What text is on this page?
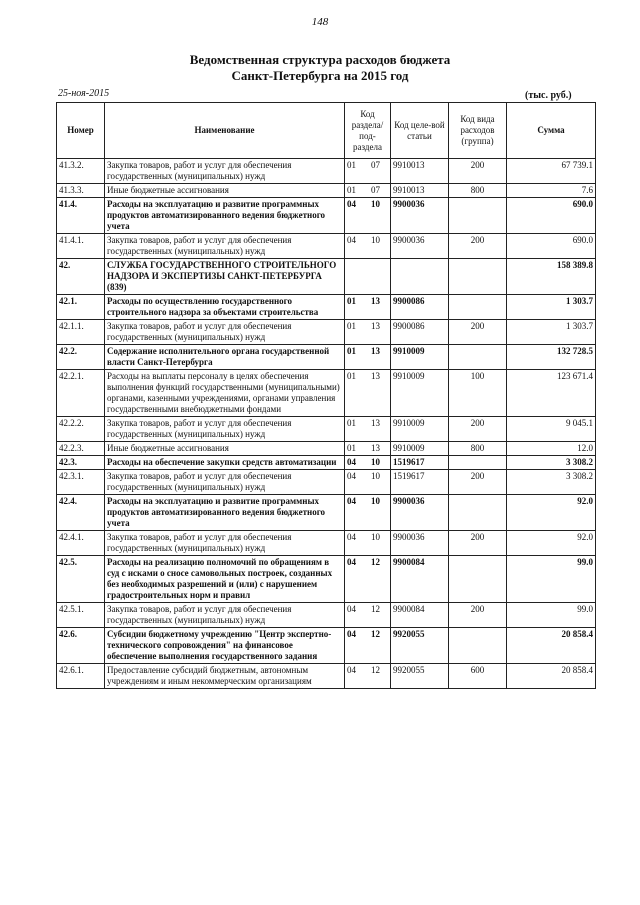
148
Ведомственная структура расходов бюджета
Санкт-Петербурга на 2015 год
25-ноя-2015	(тыс. руб.)
Номер	Наименование	Код раздела/ под-раздела	Код целе-вой статьи	Код вида расходов (группа)	Сумма
41.3.2.	Закупка товаров, работ и услуг для обеспечения государственных (муниципальных) нужд	01 07	9910013	200	67 739.1
41.3.3.	Иные бюджетные ассигнования	01 07	9910013	800	7.6
41.4.	Расходы на эксплуатацию и развитие программных продуктов автоматизированного ведения бюджетного учета	04 10	9900036		690.0
41.4.1.	Закупка товаров, работ и услуг для обеспечения государственных (муниципальных) нужд	04 10	9900036	200	690.0
42.	СЛУЖБА ГОСУДАРСТВЕННОГО СТРОИТЕЛЬНОГО НАДЗОРА И ЭКСПЕРТИЗЫ САНКТ-ПЕТЕРБУРГА (839)				158 389.8
42.1.	Расходы по осуществлению государственного строительного надзора за объектами строительства	01 13	9900086		1 303.7
42.1.1.	Закупка товаров, работ и услуг для обеспечения государственных (муниципальных) нужд	01 13	9900086	200	1 303.7
42.2.	Содержание исполнительного органа государственной власти Санкт-Петербурга	01 13	9910009		132 728.5
42.2.1.	Расходы на выплаты персоналу в целях обеспечения выполнения функций государственными (муниципальными) органами, казенными учреждениями, органами управления государственными внебюджетными фондами	01 13	9910009	100	123 671.4
42.2.2.	Закупка товаров, работ и услуг для обеспечения государственных (муниципальных) нужд	01 13	9910009	200	9 045.1
42.2.3.	Иные бюджетные ассигнования	01 13	9910009	800	12.0
42.3.	Расходы на обеспечение закупки средств автоматизации	04 10	1519617		3 308.2
42.3.1.	Закупка товаров, работ и услуг для обеспечения государственных (муниципальных) нужд	04 10	1519617	200	3 308.2
42.4.	Расходы на эксплуатацию и развитие программных продуктов автоматизированного ведения бюджетного учета	04 10	9900036		92.0
42.4.1.	Закупка товаров, работ и услуг для обеспечения государственных (муниципальных) нужд	04 10	9900036	200	92.0
42.5.	Расходы на реализацию полномочий по обращениям в суд с исками о сносе самовольных построек, созданных без необходимых разрешений и (или) с нарушением градостроительных норм и правил	04 12	9900084		99.0
42.5.1.	Закупка товаров, работ и услуг для обеспечения государственных (муниципальных) нужд	04 12	9900084	200	99.0
42.6.	Субсидии бюджетному учреждению "Центр экспертно-технического сопровождения" на финансовое обеспечение выполнения государственного задания	04 12	9920055		20 858.4
42.6.1.	Предоставление субсидий бюджетным, автономным учреждениям и иным некоммерческим организациям	04 12	9920055	600	20 858.4
